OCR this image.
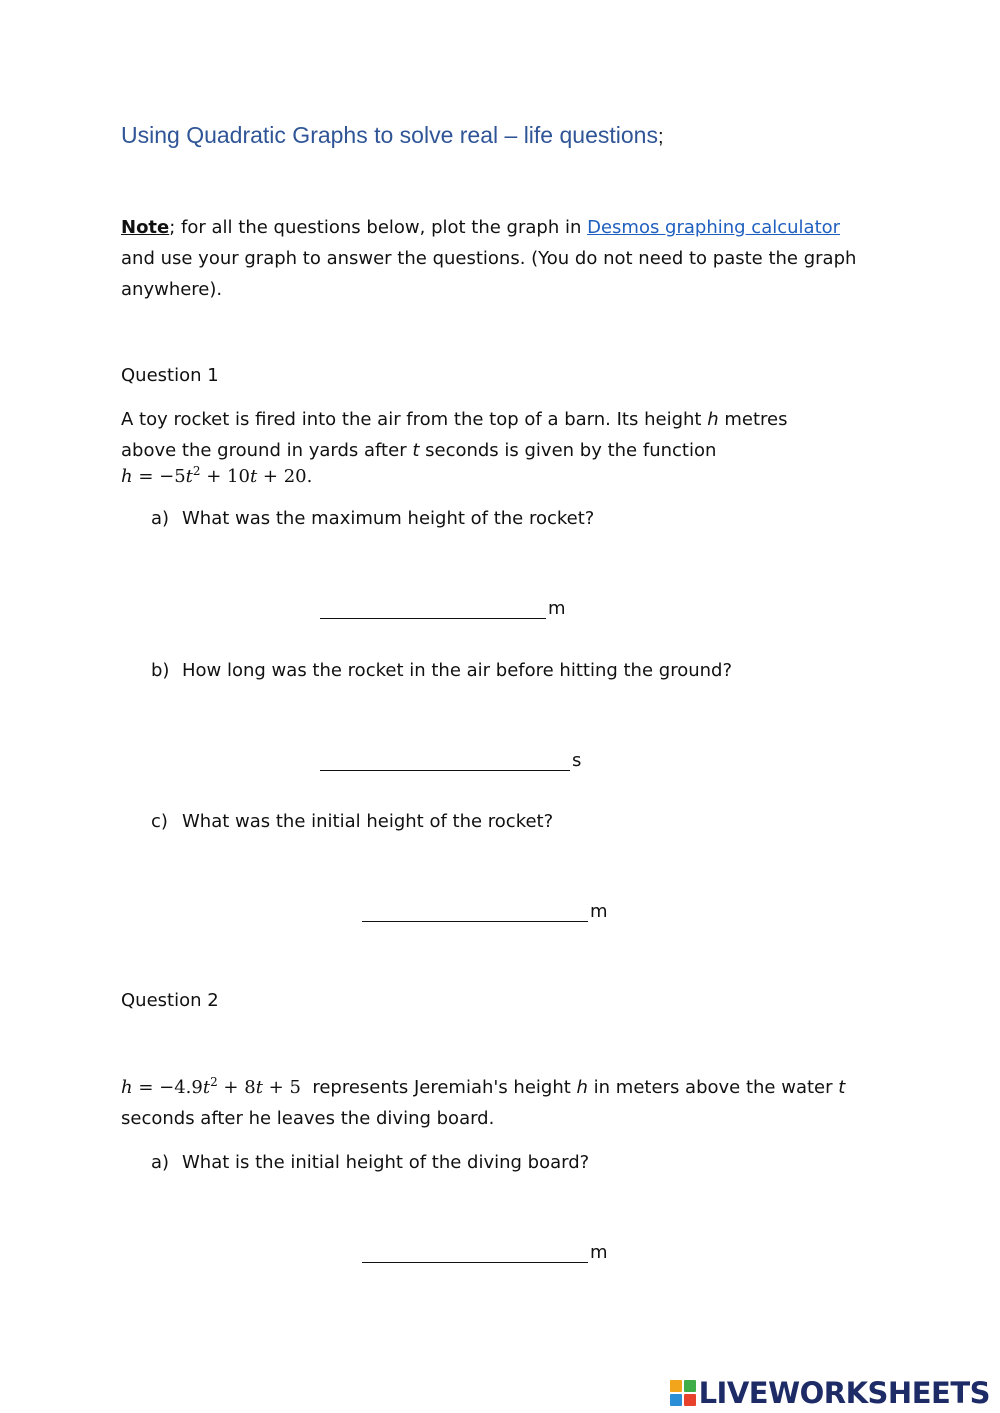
Using Quadratic Graphs to solve real – life questions;
Note; for all the questions below, plot the graph in Desmos graphing calculator
and use your graph to answer the questions. (You do not need to paste the graph
anywhere).
Question 1
A toy rocket is fired into the air from the top of a barn. Its height h metres
above the ground in yards after t seconds is given by the function
$h = -5t^2 + 10t + 20$.
a) What was the maximum height of the rocket?
m
b) How long was the rocket in the air before hitting the ground?
s
c) What was the initial height of the rocket?
m
Question 2
$h = -4.9t^2 + 8t + 5$  represents Jeremiah's height h in meters above the water t
seconds after he leaves the diving board.
a) What is the initial height of the diving board?
m
LIVEWORKSHEETS
